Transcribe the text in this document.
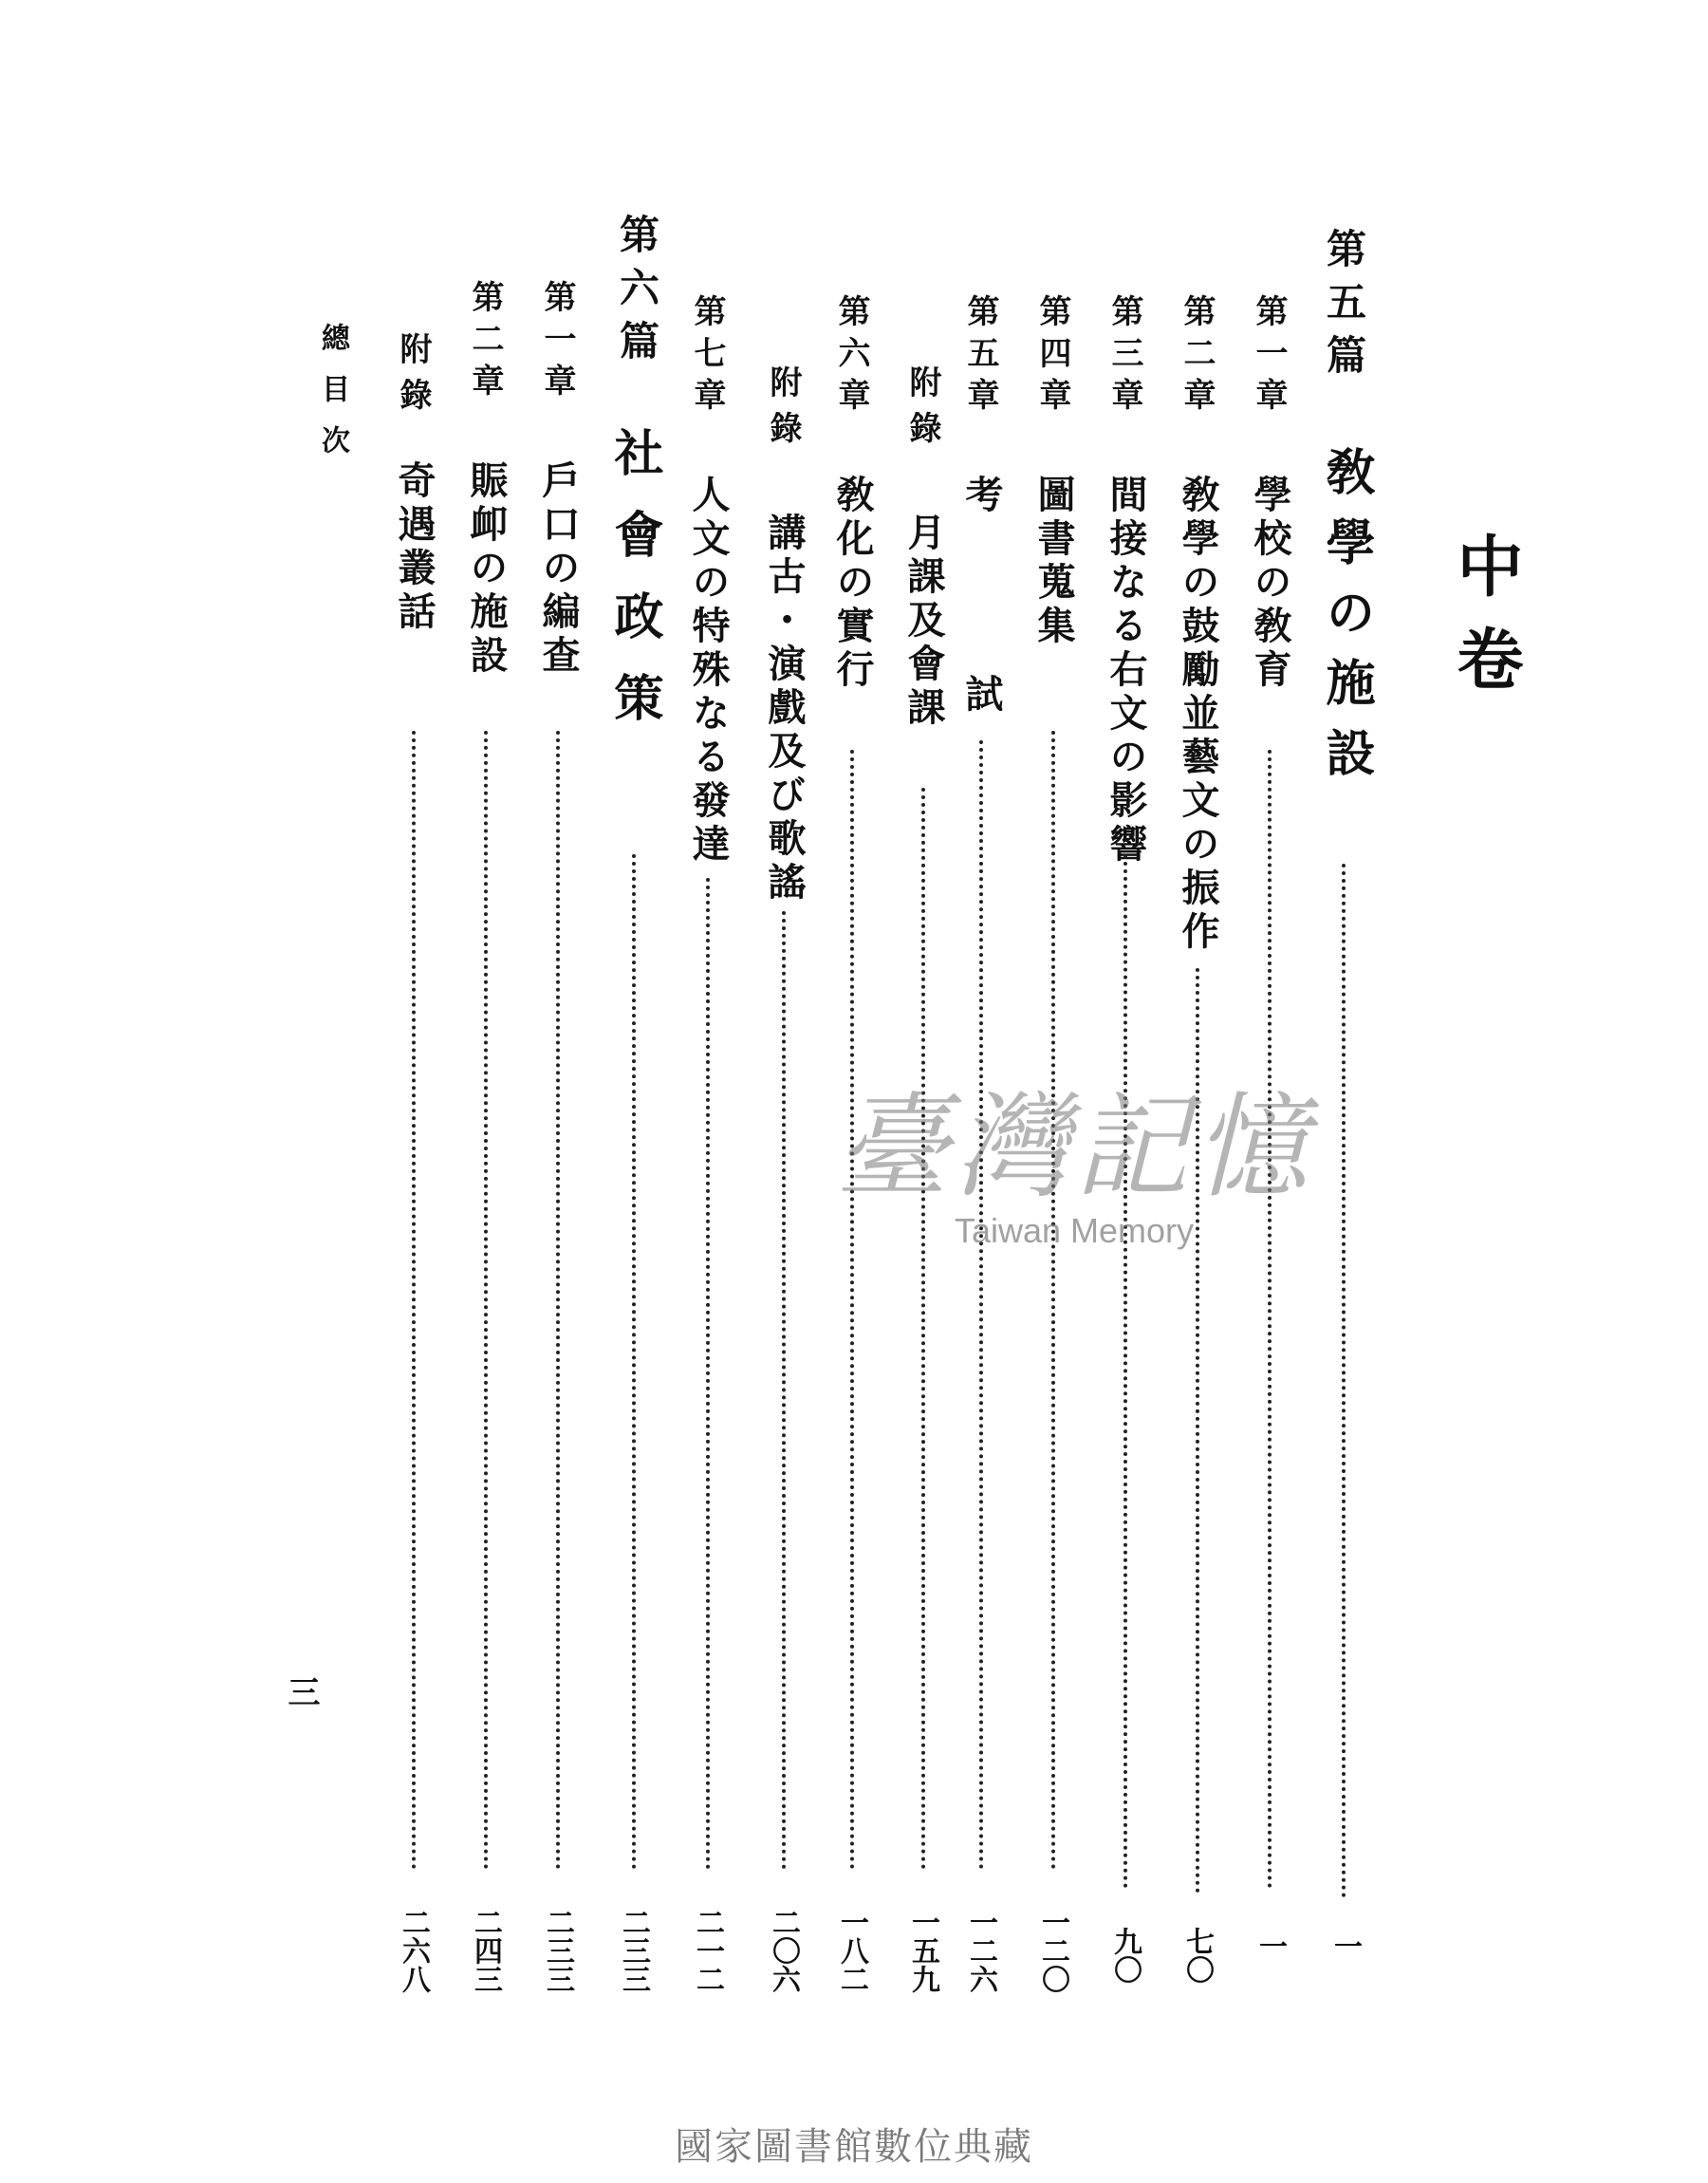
中卷
第五篇
敎學の施設
一
第一章
學校の敎育
一
第二章
敎學の鼓勵並藝文の振作
七〇
第三章
間接なる右文の影響
九〇
第四章
圖書蒐集
一二〇
第五章
考試
一二六
附錄
月課及會課
一五九
第六章
敎化の實行
一八二
附錄
講古・演戲及び歌謠
二〇六
第七章
人文の特殊なる發達
二一二
第六篇
社會政策
二三三
第一章
戶口の編查
二三三
第二章
賑卹の施設
二四三
附錄
奇遇叢話
二六八
總目次
三
臺灣記憶
Taiwan Memory
國家圖書館數位典藏
